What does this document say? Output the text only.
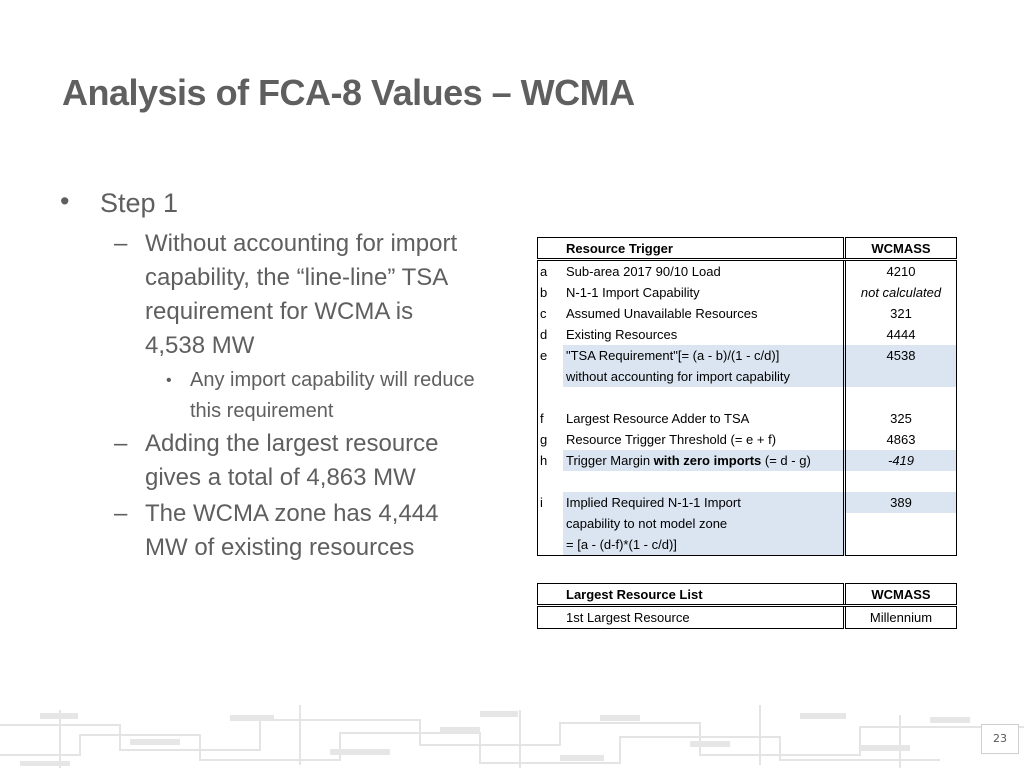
Analysis of FCA-8 Values – WCMA
• Step 1
– Without accounting for import capability, the “line-line” TSA requirement for WCMA is 4,538 MW
• Any import capability will reduce this requirement
– Adding the largest resource gives a total of 4,863 MW
– The WCMA zone has 4,444 MW of existing resources
	Resource Trigger	WCMASS
a	Sub-area 2017 90/10 Load	4210
b	N-1-1 Import Capability	not calculated
c	Assumed Unavailable Resources	321
d	Existing Resources	4444
e	"TSA Requirement"[= (a - b)/(1 - c/d)]	4538
	without accounting for import capability	

f	Largest Resource Adder to TSA	325
g	Resource Trigger Threshold (= e + f)	4863
h	Trigger Margin with zero imports (= d - g)	-419

i	Implied Required N-1-1 Import	389
	capability to not model zone	
	= [a - (d-f)*(1 - c/d)]	
	Largest Resource List	WCMASS
	1st Largest Resource	Millennium
23
